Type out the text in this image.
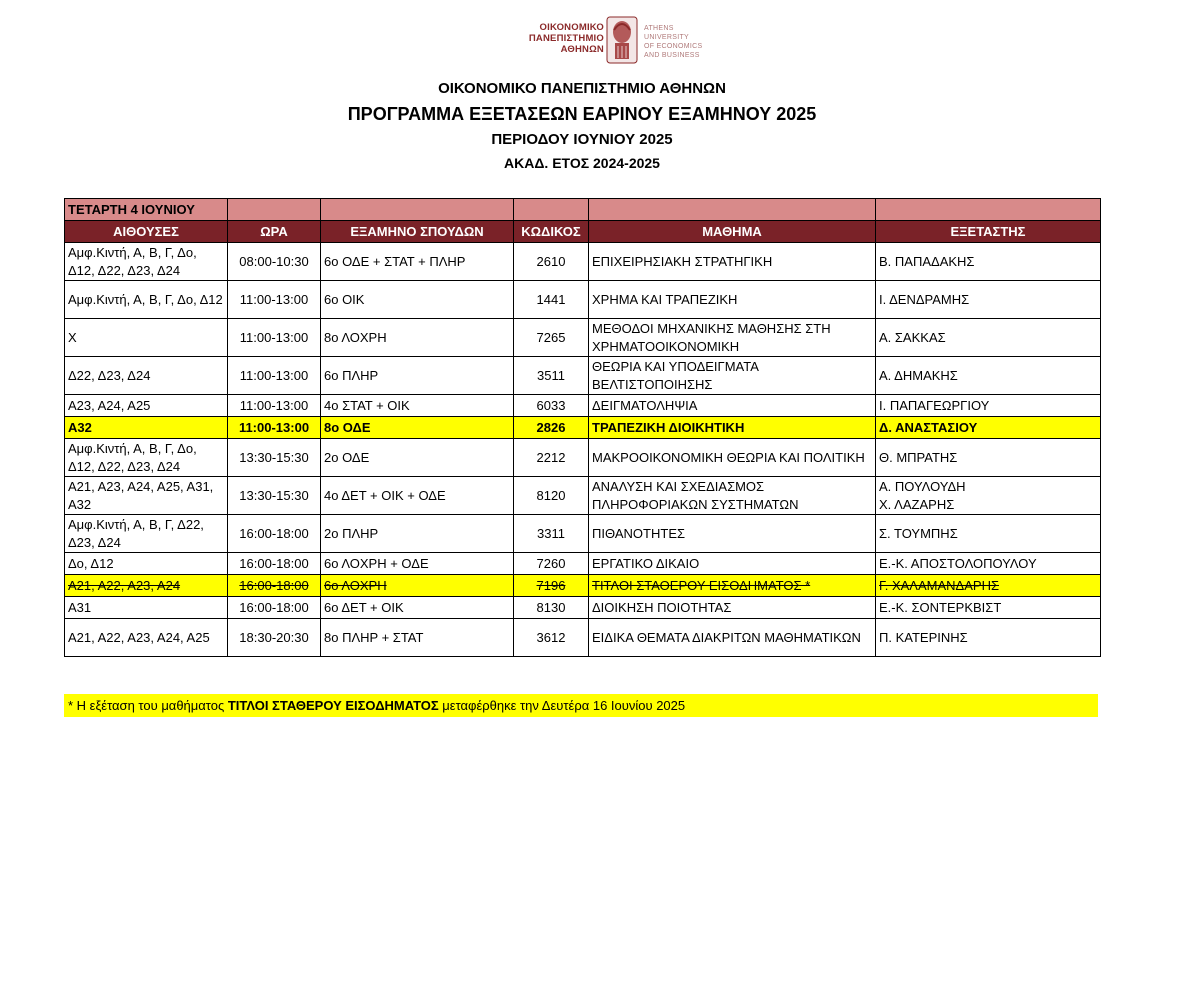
ΟΙΚΟΝΟΜΙΚΟ
ΠΑΝΕΠΙΣΤΗΜΙΟ
ΑΘΗΝΩΝ
ATHENS UNIVERSITY
OF ECONOMICS
AND BUSINESS
ΟΙΚΟΝΟΜΙΚΟ ΠΑΝΕΠΙΣΤΗΜΙΟ ΑΘΗΝΩΝ
ΠΡΟΓΡΑΜΜΑ ΕΞΕΤΑΣΕΩΝ ΕΑΡΙΝΟΥ ΕΞΑΜΗΝΟΥ 2025
ΠΕΡΙΟΔΟΥ ΙΟΥΝΙΟΥ 2025
ΑΚΑΔ. ΕΤΟΣ 2024-2025
ΤΕΤΑΡΤΗ 4 ΙΟΥΝΙΟΥ					
ΑΙΘΟΥΣΕΣ	ΩΡΑ	ΕΞΑΜΗΝΟ ΣΠΟΥΔΩΝ	ΚΩΔΙΚΟΣ	ΜΑΘΗΜΑ	ΕΞΕΤΑΣΤΗΣ
Αμφ.Κιντή, Α, Β, Γ, Δο, Δ12, Δ22, Δ23, Δ24	08:00-10:30	6ο ΟΔΕ + ΣΤΑΤ + ΠΛΗΡ	2610	ΕΠΙΧΕΙΡΗΣΙΑΚΗ ΣΤΡΑΤΗΓΙΚΗ	Β. ΠΑΠΑΔΑΚΗΣ
Αμφ.Κιντή, Α, Β, Γ, Δο, Δ12	11:00-13:00	6ο ΟΙΚ	1441	ΧΡΗΜΑ ΚΑΙ ΤΡΑΠΕΖΙΚΗ	Ι. ΔΕΝΔΡΑΜΗΣ
Χ	11:00-13:00	8ο ΛΟΧΡΗ	7265	ΜΕΘΟΔΟΙ ΜΗΧΑΝΙΚΗΣ ΜΑΘΗΣΗΣ ΣΤΗ ΧΡΗΜΑΤΟΟΙΚΟΝΟΜΙΚΗ	Α. ΣΑΚΚΑΣ
Δ22, Δ23, Δ24	11:00-13:00	6ο ΠΛΗΡ	3511	ΘΕΩΡΙΑ ΚΑΙ ΥΠΟΔΕΙΓΜΑΤΑ ΒΕΛΤΙΣΤΟΠΟΙΗΣΗΣ	Α. ΔΗΜΑΚΗΣ
Α23, Α24, Α25	11:00-13:00	4ο ΣΤΑΤ + ΟΙΚ	6033	ΔΕΙΓΜΑΤΟΛΗΨΙΑ	Ι. ΠΑΠΑΓΕΩΡΓΙΟΥ
Α32	11:00-13:00	8ο ΟΔΕ	2826	ΤΡΑΠΕΖΙΚΗ ΔΙΟΙΚΗΤΙΚΗ	Δ. ΑΝΑΣΤΑΣΙΟΥ
Αμφ.Κιντή, Α, Β, Γ, Δο, Δ12, Δ22, Δ23, Δ24	13:30-15:30	2ο ΟΔΕ	2212	ΜΑΚΡΟΟΙΚΟΝΟΜΙΚΗ ΘΕΩΡΙΑ ΚΑΙ ΠΟΛΙΤΙΚΗ	Θ. ΜΠΡΑΤΗΣ
Α21, Α23, Α24, Α25, Α31, Α32	13:30-15:30	4ο ΔΕΤ + ΟΙΚ + ΟΔΕ	8120	ΑΝΑΛΥΣΗ ΚΑΙ ΣΧΕΔΙΑΣΜΟΣ ΠΛΗΡΟΦΟΡΙΑΚΩΝ ΣΥΣΤΗΜΑΤΩΝ	Α. ΠΟΥΛΟΥΔΗ
Χ. ΛΑΖΑΡΗΣ

Αμφ.Κιντή, Α, Β, Γ, Δ22, Δ23, Δ24	16:00-18:00	2ο ΠΛΗΡ	3311	ΠΙΘΑΝΟΤΗΤΕΣ	Σ. ΤΟΥΜΠΗΣ
Δο, Δ12	16:00-18:00	6ο ΛΟΧΡΗ + ΟΔΕ	7260	ΕΡΓΑΤΙΚΟ ΔΙΚΑΙΟ	Ε.-Κ. ΑΠΟΣΤΟΛΟΠΟΥΛΟΥ
Α21, Α22, Α23, Α24	16:00-18:00	6ο ΛΟΧΡΗ	7196	ΤΙΤΛΟΙ ΣΤΑΘΕΡΟΥ ΕΙΣΟΔΗΜΑΤΟΣ *	Γ. ΧΑΛΑΜΑΝΔΑΡΗΣ
Α31	16:00-18:00	6ο ΔΕΤ + ΟΙΚ	8130	ΔΙΟΙΚΗΣΗ ΠΟΙΟΤΗΤΑΣ	Ε.-Κ. ΣΟΝΤΕΡΚΒΙΣΤ
Α21, Α22, Α23, Α24, Α25	18:30-20:30	8ο ΠΛΗΡ + ΣΤΑΤ	3612	ΕΙΔΙΚΑ ΘΕΜΑΤΑ ΔΙΑΚΡΙΤΩΝ ΜΑΘΗΜΑΤΙΚΩΝ	Π. ΚΑΤΕΡΙΝΗΣ
* Η εξέταση του μαθήματος ΤΙΤΛΟΙ ΣΤΑΘΕΡΟΥ ΕΙΣΟΔΗΜΑΤΟΣ μεταφέρθηκε την Δευτέρα 16 Ιουνίου 2025
